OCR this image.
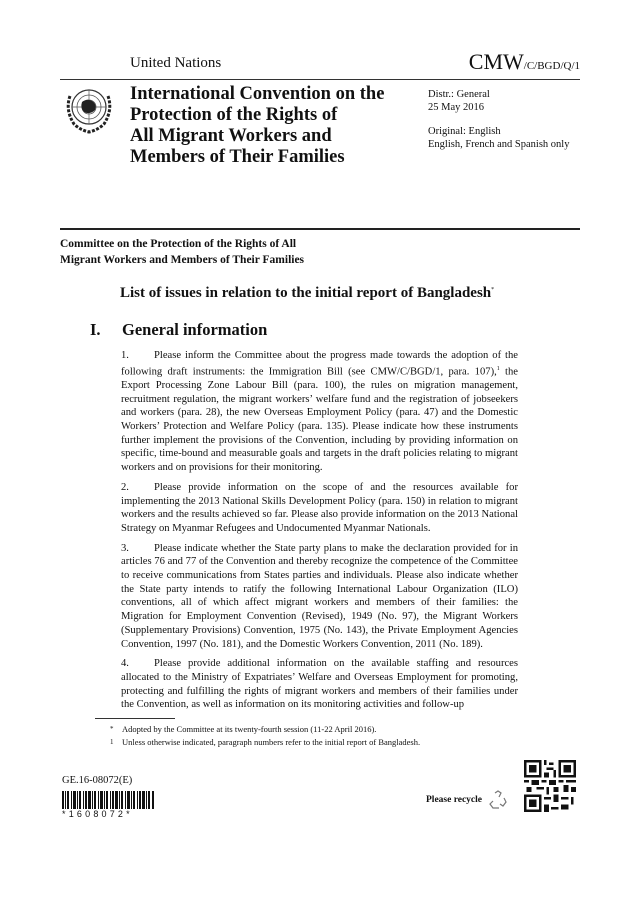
United Nations	CMW/C/BGD/Q/1
International Convention on the
Protection of the Rights of
All Migrant Workers and
Members of Their Families
Distr.: General
25 May 2016
Original: English
English, French and Spanish only
Committee on the Protection of the Rights of All
Migrant Workers and Members of Their Families
List of issues in relation to the initial report of Bangladesh*
I. General information

1. Please inform the Committee about the progress made towards the adoption of the following draft instruments: the Immigration Bill (see CMW/C/BGD/1, para. 107),$^1$ the Export Processing Zone Labour Bill (para. 100), the rules on migration management, recruitment regulation, the migrant workers’ welfare fund and the registration of jobseekers and workers (para. 28), the new Overseas Employment Policy (para. 47) and the Domestic Workers’ Protection and Welfare Policy (para. 135). Please indicate how these instruments further implement the provisions of the Convention, including by providing information on specific, time-bound and measurable goals and targets in the draft policies relating to migrant workers and on provisions for their monitoring.

2. Please provide information on the scope of and the resources available for implementing the 2013 National Skills Development Policy (para. 150) in relation to migrant workers and the results achieved so far. Please also provide information on the 2013 National Strategy on Myanmar Refugees and Undocumented Myanmar Nationals.

3. Please indicate whether the State party plans to make the declaration provided for in articles 76 and 77 of the Convention and thereby recognize the competence of the Committee to receive communications from States parties and individuals. Please also indicate whether the State party intends to ratify the following International Labour Organization (ILO) conventions, all of which affect migrant workers and members of their families: the Migration for Employment Convention (Revised), 1949 (No. 97), the Migrant Workers (Supplementary Provisions) Convention, 1975 (No. 143), the Private Employment Agencies Convention, 1997 (No. 181), and the Domestic Workers Convention, 2011 (No. 189).

4. Please provide additional information on the available staffing and resources allocated to the Ministry of Expatriates’ Welfare and Overseas Employment for promoting, protecting and fulfilling the rights of migrant workers and members of their families under the Convention, as well as information on its monitoring activities and follow-up

* Adopted by the Committee at its twenty-fourth session (11-22 April 2016).
1 Unless otherwise indicated, paragraph numbers refer to the initial report of Bangladesh.
GE.16-08072(E)
*1608072*
Please recycle
